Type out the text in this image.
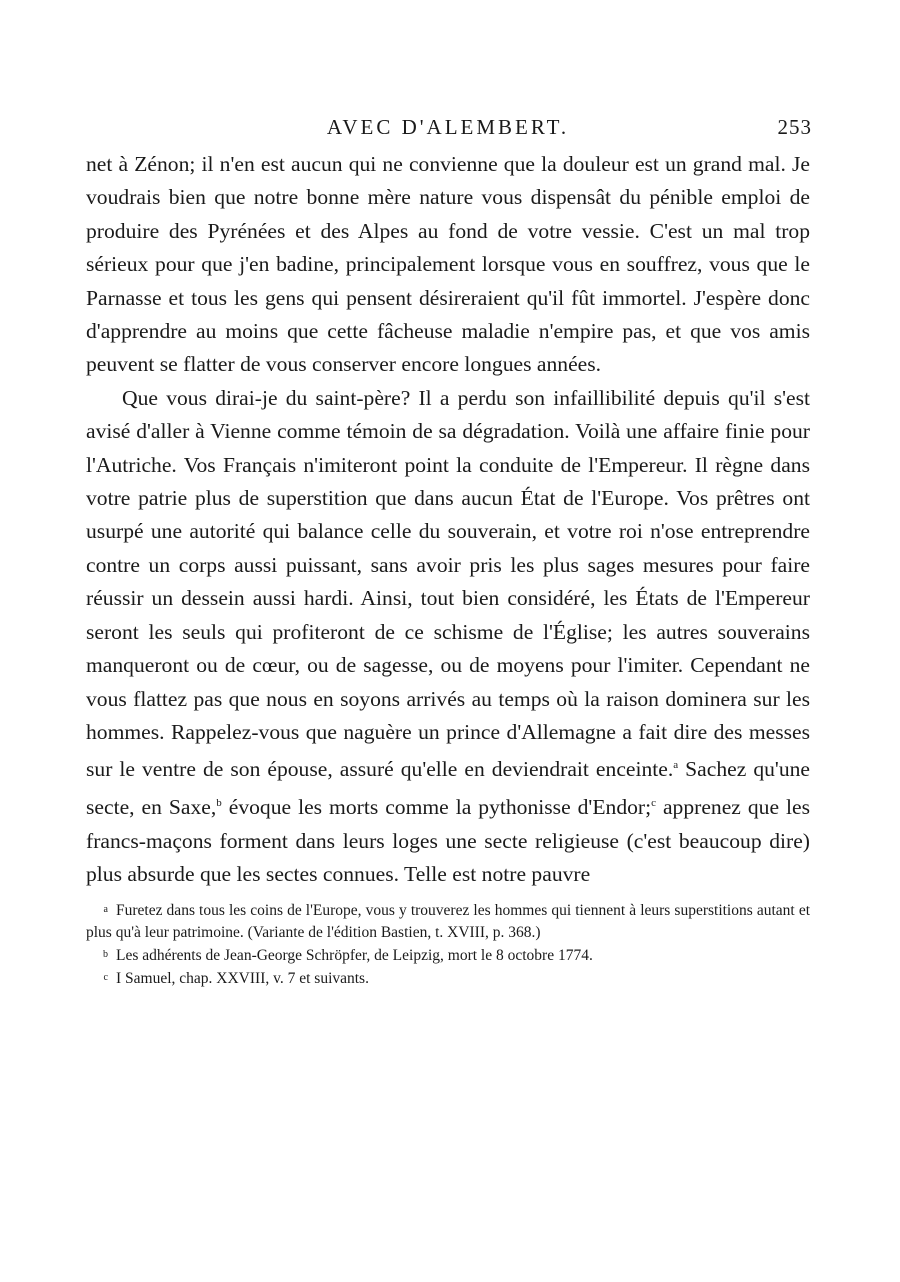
AVEC D'ALEMBERT.	253

net à Zénon; il n'en est aucun qui ne convienne que la douleur est un grand mal. Je voudrais bien que notre bonne mère nature vous dispensât du pénible emploi de produire des Pyrénées et des Alpes au fond de votre vessie. C'est un mal trop sérieux pour que j'en badine, principalement lorsque vous en souffrez, vous que le Parnasse et tous les gens qui pensent désireraient qu'il fût immortel. J'espère donc d'apprendre au moins que cette fâcheuse maladie n'empire pas, et que vos amis peuvent se flatter de vous conserver encore longues années.

Que vous dirai-je du saint-père? Il a perdu son infaillibilité depuis qu'il s'est avisé d'aller à Vienne comme témoin de sa dégradation. Voilà une affaire finie pour l'Autriche. Vos Français n'imiteront point la conduite de l'Empereur. Il règne dans votre patrie plus de superstition que dans aucun État de l'Europe. Vos prêtres ont usurpé une autorité qui balance celle du souverain, et votre roi n'ose entreprendre contre un corps aussi puissant, sans avoir pris les plus sages mesures pour faire réussir un dessein aussi hardi. Ainsi, tout bien considéré, les États de l'Empereur seront les seuls qui profiteront de ce schisme de l'Église; les autres souverains manqueront ou de cœur, ou de sagesse, ou de moyens pour l'imiter. Cependant ne vous flattez pas que nous en soyons arrivés au temps où la raison dominera sur les hommes. Rappelez-vous que naguère un prince d'Allemagne a fait dire des messes sur le ventre de son épouse, assuré qu'elle en deviendrait enceinte.$^a$ Sachez qu'une secte, en Saxe,$^b$ évoque les morts comme la pythonisse d'Endor;$^c$ apprenez que les francs-maçons forment dans leurs loges une secte religieuse (c'est beaucoup dire) plus absurde que les sectes connues. Telle est notre pauvre

a Furetez dans tous les coins de l'Europe, vous y trouverez les hommes qui tiennent à leurs superstitions autant et plus qu'à leur patrimoine. (Variante de l'édition Bastien, t. XVIII, p. 368.)
b Les adhérents de Jean-George Schröpfer, de Leipzig, mort le 8 octobre 1774.
c I Samuel, chap. XXVIII, v. 7 et suivants.
